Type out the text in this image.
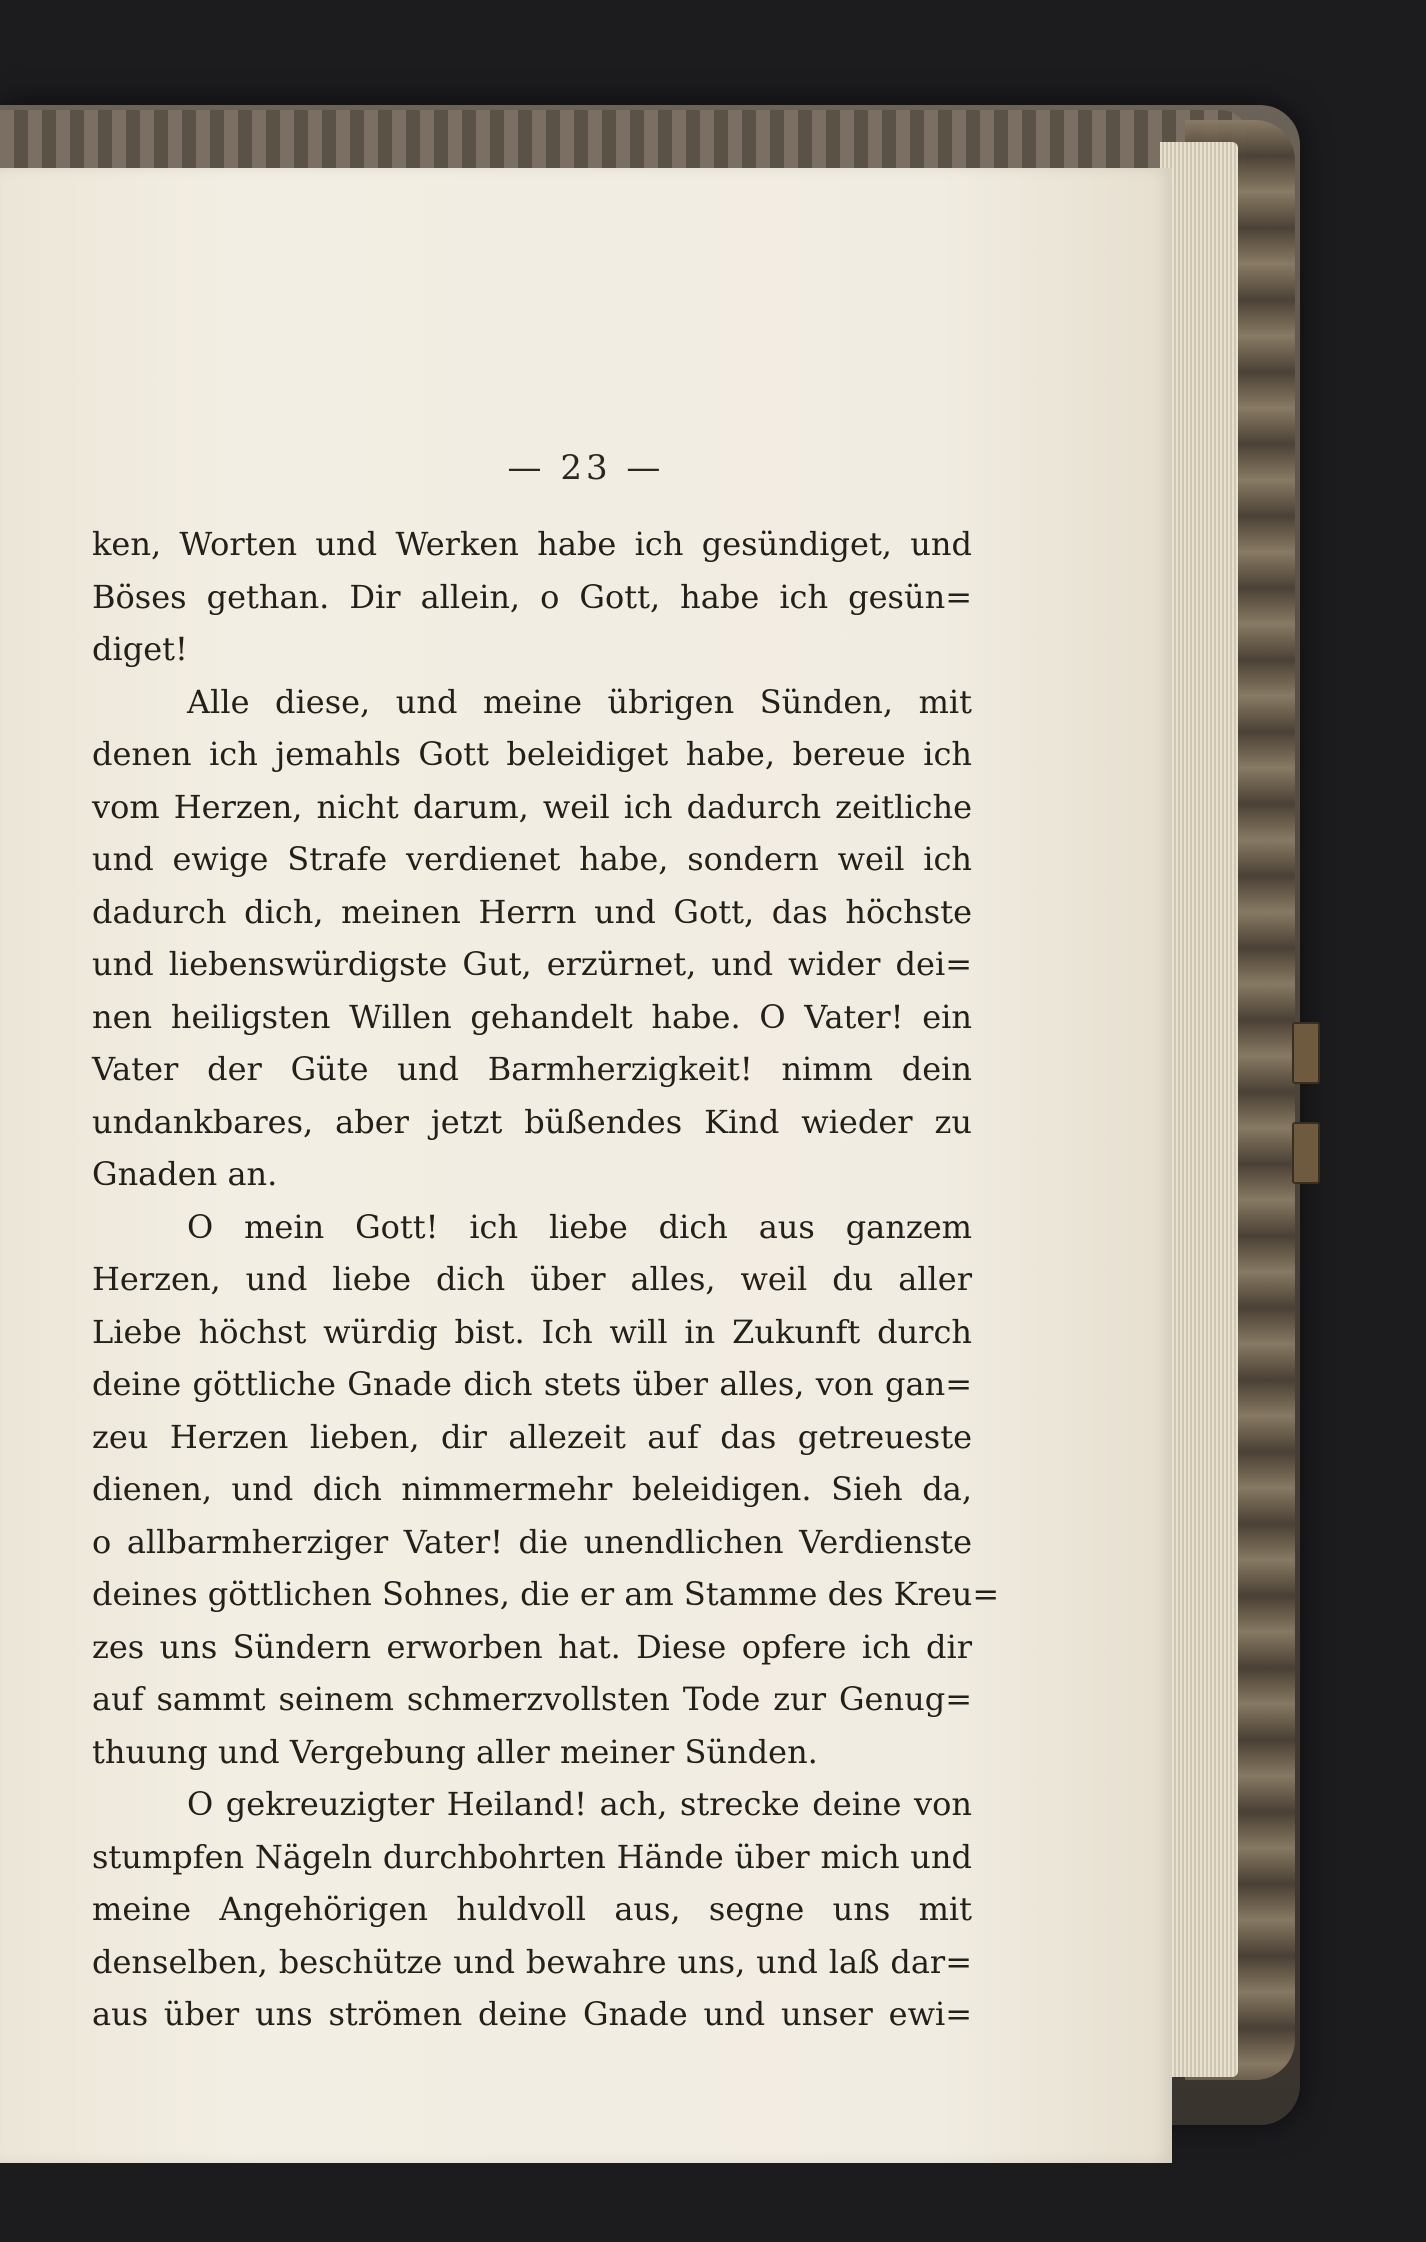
— 23 —
ken, Worten und Werken habe ich gesündiget, und
Böses gethan. Dir allein, o Gott, habe ich gesün=
diget!
Alle diese, und meine übrigen Sünden, mit
denen ich jemahls Gott beleidiget habe, bereue ich
vom Herzen, nicht darum, weil ich dadurch zeitliche
und ewige Strafe verdienet habe, sondern weil ich
dadurch dich, meinen Herrn und Gott, das höchste
und liebenswürdigste Gut, erzürnet, und wider dei=
nen heiligsten Willen gehandelt habe. O Vater! ein
Vater der Güte und Barmherzigkeit! nimm dein
undankbares, aber jetzt büßendes Kind wieder zu
Gnaden an.
O mein Gott! ich liebe dich aus ganzem
Herzen, und liebe dich über alles, weil du aller
Liebe höchst würdig bist. Ich will in Zukunft durch
deine göttliche Gnade dich stets über alles, von gan=
zeu Herzen lieben, dir allezeit auf das getreueste
dienen, und dich nimmermehr beleidigen. Sieh da,
o allbarmherziger Vater! die unendlichen Verdienste
deines göttlichen Sohnes, die er am Stamme des Kreu=
zes uns Sündern erworben hat. Diese opfere ich dir
auf sammt seinem schmerzvollsten Tode zur Genug=
thuung und Vergebung aller meiner Sünden.
O gekreuzigter Heiland! ach, strecke deine von
stumpfen Nägeln durchbohrten Hände über mich und
meine Angehörigen huldvoll aus, segne uns mit
denselben, beschütze und bewahre uns, und laß dar=
aus über uns strömen deine Gnade und unser ewi=
